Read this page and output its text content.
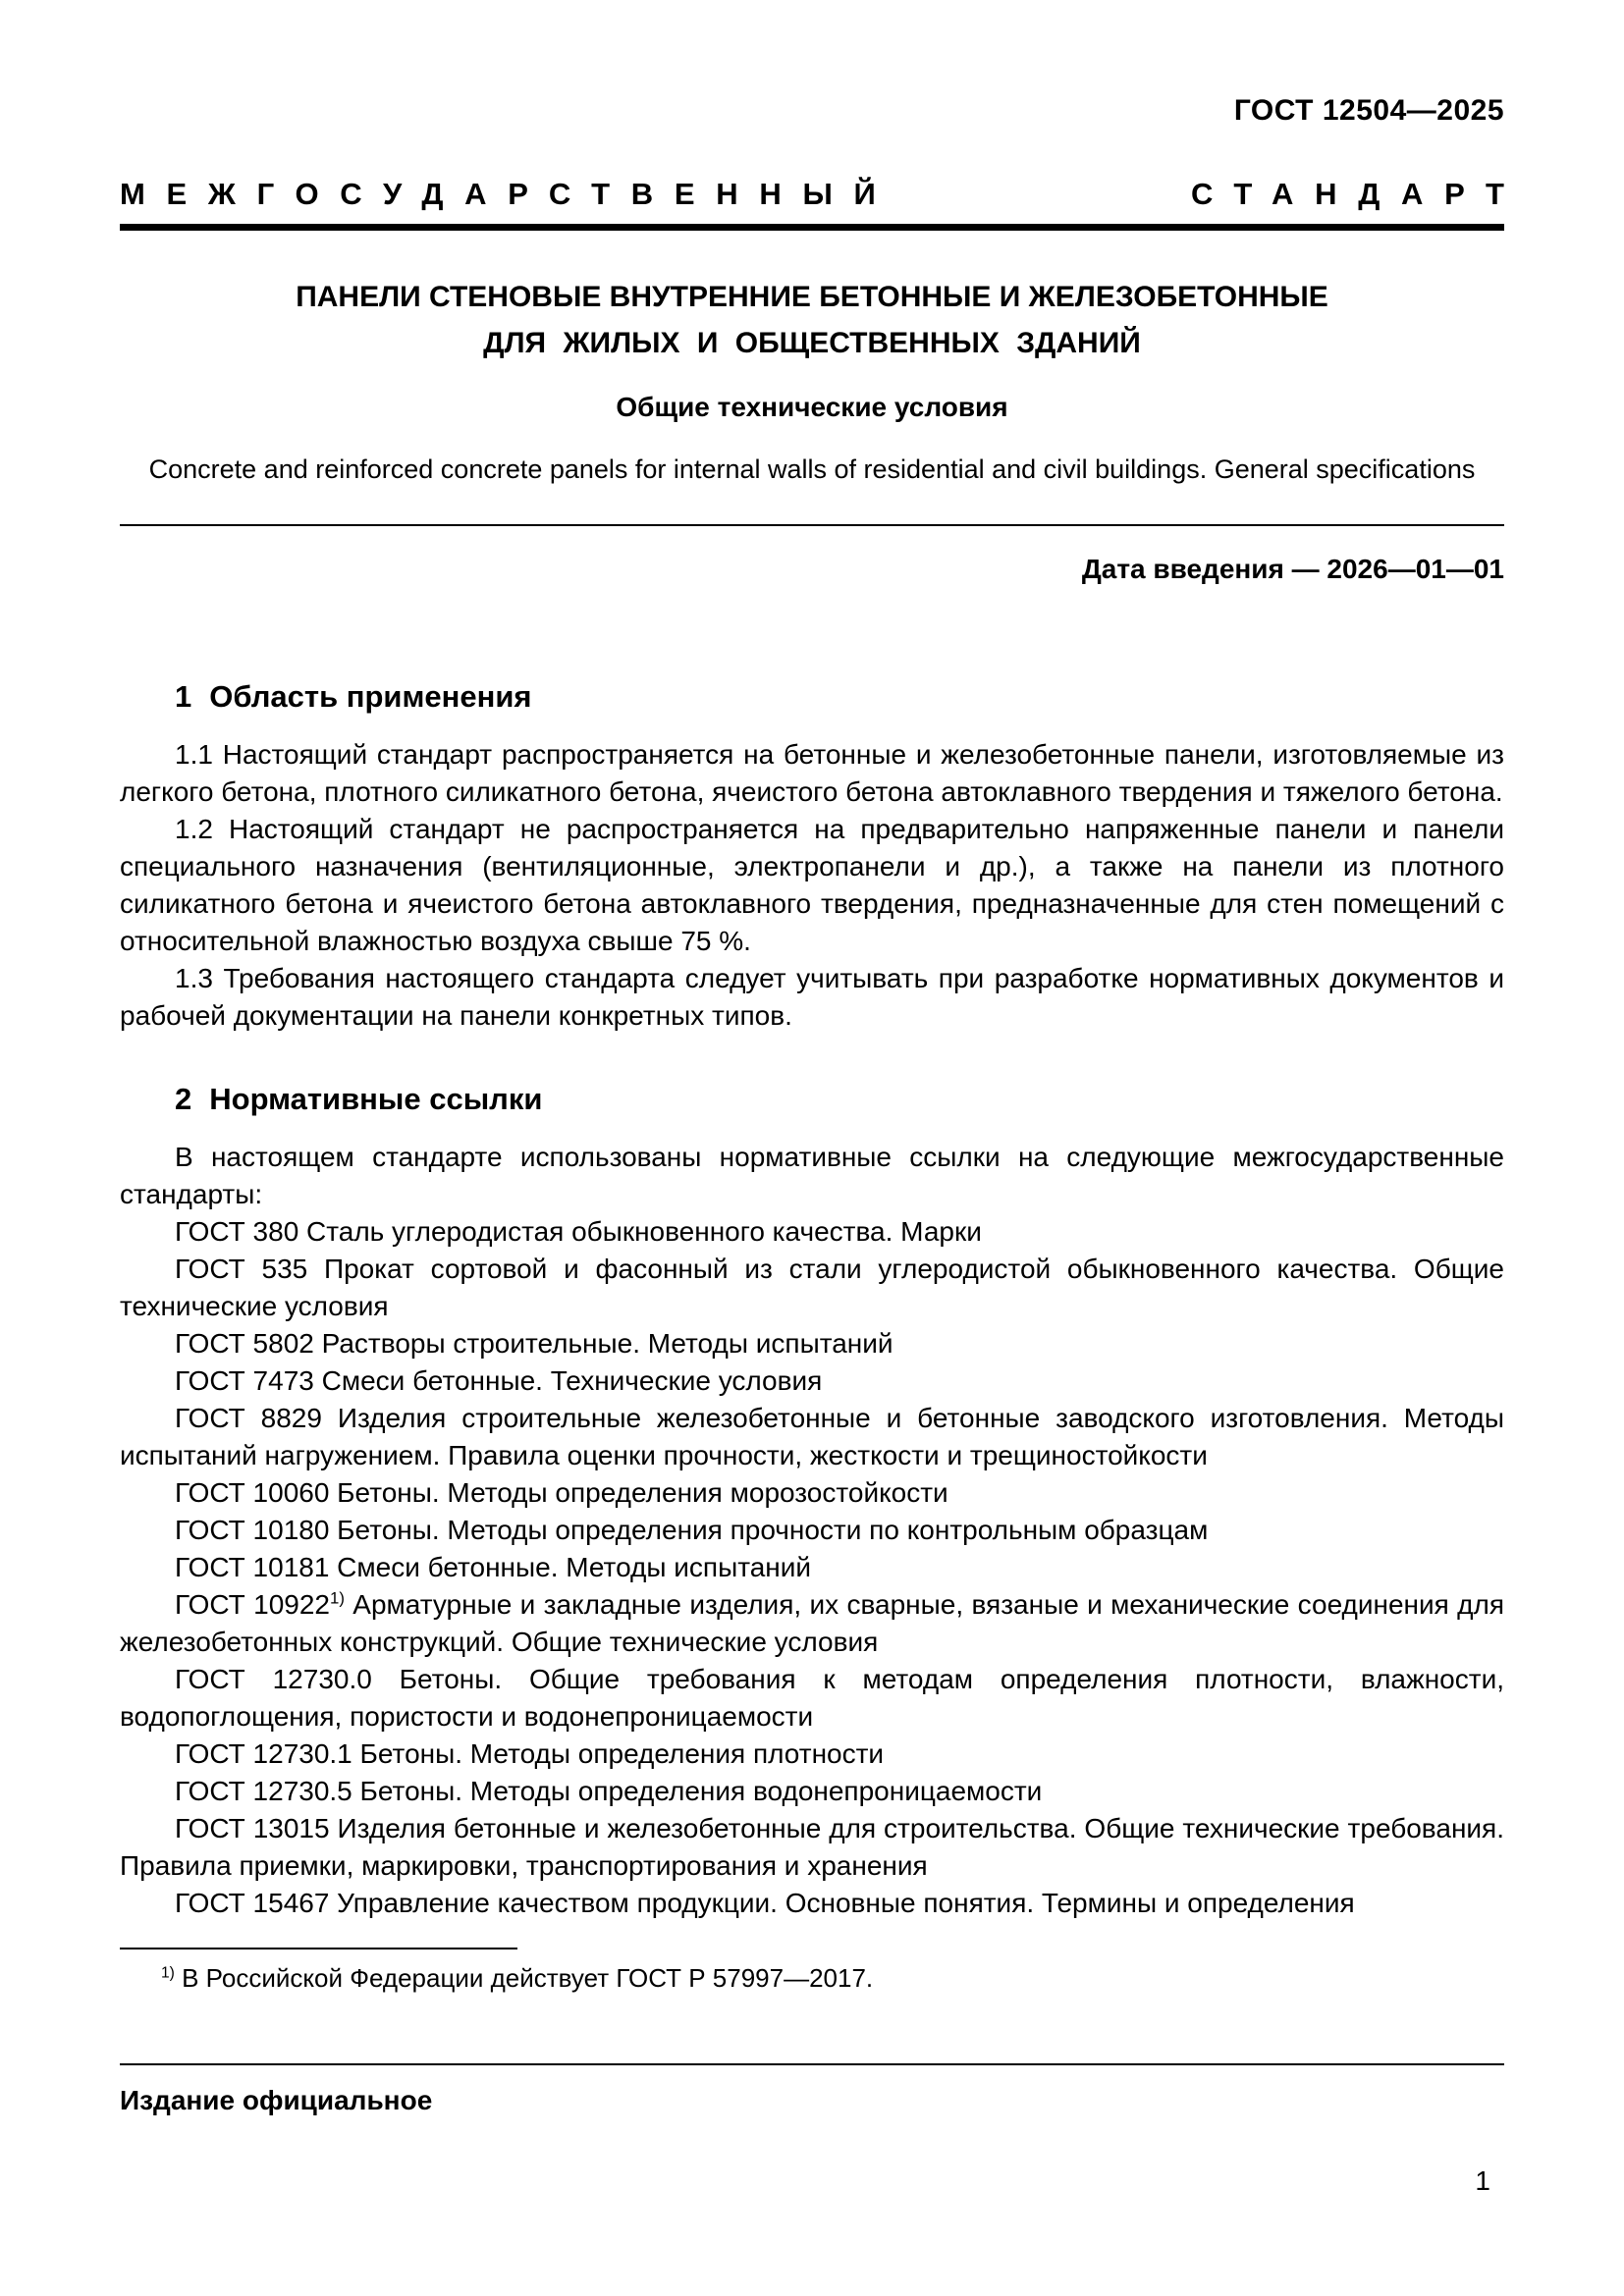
ГОСТ 12504—2025
МЕЖГОСУДАРСТВЕННЫЙ	СТАНДАРТ
ПАНЕЛИ СТЕНОВЫЕ ВНУТРЕННИЕ БЕТОННЫЕ И ЖЕЛЕЗОБЕТОННЫЕ
ДЛЯ ЖИЛЫХ И ОБЩЕСТВЕННЫХ ЗДАНИЙ
Общие технические условия
Concrete and reinforced concrete panels for internal walls of residential and civil buildings. General specifications
Дата введения — 2026—01—01
1 Область применения

1.1 Настоящий стандарт распространяется на бетонные и железобетонные панели, изготовляемые из легкого бетона, плотного силикатного бетона, ячеистого бетона автоклавного твердения и тяжелого бетона.

1.2 Настоящий стандарт не распространяется на предварительно напряженные панели и панели специального назначения (вентиляционные, электропанели и др.), а также на панели из плотного силикатного бетона и ячеистого бетона автоклавного твердения, предназначенные для стен помещений с относительной влажностью воздуха свыше 75 %.

1.3 Требования настоящего стандарта следует учитывать при разработке нормативных документов и рабочей документации на панели конкретных типов.

2 Нормативные ссылки

В настоящем стандарте использованы нормативные ссылки на следующие межгосударственные стандарты:

ГОСТ 380 Сталь углеродистая обыкновенного качества. Марки

ГОСТ 535 Прокат сортовой и фасонный из стали углеродистой обыкновенного качества. Общие технические условия

ГОСТ 5802 Растворы строительные. Методы испытаний

ГОСТ 7473 Смеси бетонные. Технические условия

ГОСТ 8829 Изделия строительные железобетонные и бетонные заводского изготовления. Методы испытаний нагружением. Правила оценки прочности, жесткости и трещиностойкости

ГОСТ 10060 Бетоны. Методы определения морозостойкости

ГОСТ 10180 Бетоны. Методы определения прочности по контрольным образцам

ГОСТ 10181 Смеси бетонные. Методы испытаний

ГОСТ 10922$^{1)}$ Арматурные и закладные изделия, их сварные, вязаные и механические соединения для железобетонных конструкций. Общие технические условия

ГОСТ 12730.0 Бетоны. Общие требования к методам определения плотности, влажности, водопоглощения, пористости и водонепроницаемости

ГОСТ 12730.1 Бетоны. Методы определения плотности

ГОСТ 12730.5 Бетоны. Методы определения водонепроницаемости

ГОСТ 13015 Изделия бетонные и железобетонные для строительства. Общие технические требования. Правила приемки, маркировки, транспортирования и хранения

ГОСТ 15467 Управление качеством продукции. Основные понятия. Термины и определения

$^{1)}$ В Российской Федерации действует ГОСТ Р 57997—2017.

Издание официальное
1
